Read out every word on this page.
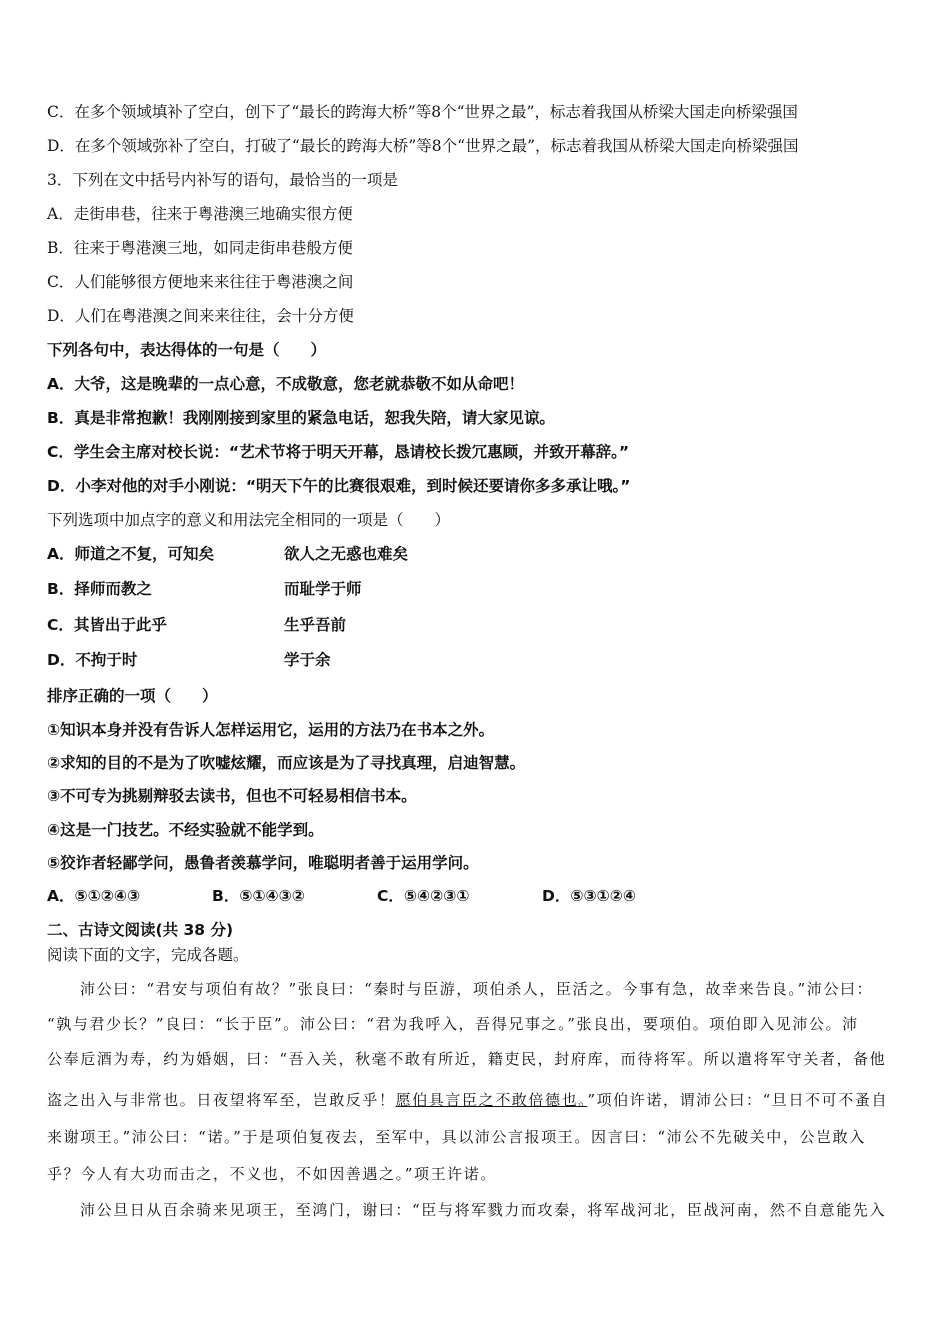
C．在多个领域填补了空白，创下了“最长的跨海大桥”等8个“世界之最”，标志着我国从桥梁大国走向桥梁强国
D．在多个领域弥补了空白，打破了“最长的跨海大桥”等8个“世界之最”，标志着我国从桥梁大国走向桥梁强国
3．下列在文中括号内补写的语句，最恰当的一项是
A．走街串巷，往来于粤港澳三地确实很方便
B．往来于粤港澳三地，如同走街串巷般方便
C．人们能够很方便地来来往往于粤港澳之间
D．人们在粤港澳之间来来往往，会十分方便
下列各句中，表达得体的一句是（　　）
A．大爷，这是晚辈的一点心意，不成敬意，您老就恭敬不如从命吧！
B．真是非常抱歉！我刚刚接到家里的紧急电话，恕我失陪，请大家见谅。
C．学生会主席对校长说：“艺术节将于明天开幕，恳请校长拨冗惠顾，并致开幕辞。”
D．小李对他的对手小刚说：“明天下午的比赛很艰难，到时候还要请你多多承让哦。”
下列选项中加点字的意义和用法完全相同的一项是（　　）
A．师道之不复，可知矣	欲人之无惑也难矣
B．择师而教之	而耻学于师
C．其皆出于此乎	生乎吾前
D．不拘于时	学于余
排序正确的一项（　　）
①知识本身并没有告诉人怎样运用它，运用的方法乃在书本之外。
②求知的目的不是为了吹嘘炫耀，而应该是为了寻找真理，启迪智慧。
③不可专为挑剔辩驳去读书，但也不可轻易相信书本。
④这是一门技艺。不经实验就不能学到。
⑤狡诈者轻鄙学问，愚鲁者羡慕学问，唯聪明者善于运用学问。
A．⑤①②④③	B．⑤①④③②	C．⑤④②③①	D．⑤③①②④
二、古诗文阅读(共 38 分)
阅读下面的文字，完成各题。
沛公曰：“君安与项伯有故？”张良曰：“秦时与臣游，项伯杀人，臣活之。今事有急，故幸来告良。”沛公曰：
“孰与君少长？”良曰：“长于臣”。沛公曰：“君为我呼入，吾得兄事之。”张良出，要项伯。项伯即入见沛公。沛
公奉卮酒为寿，约为婚姻，曰：“吾入关，秋毫不敢有所近，籍吏民，封府库，而待将军。所以遣将军守关者，备他
盗之出入与非常也。日夜望将军至，岂敢反乎！愿伯具言臣之不敢倍德也。”项伯许诺，谓沛公曰：“旦日不可不蚤自
来谢项王。”沛公曰：“诺。”于是项伯复夜去，至军中，具以沛公言报项王。因言曰：“沛公不先破关中，公岂敢入
乎？今人有大功而击之，不义也，不如因善遇之。”项王许诺。
沛公旦日从百余骑来见项王，至鸿门，谢曰：“臣与将军戮力而攻秦，将军战河北，臣战河南，然不自意能先入
